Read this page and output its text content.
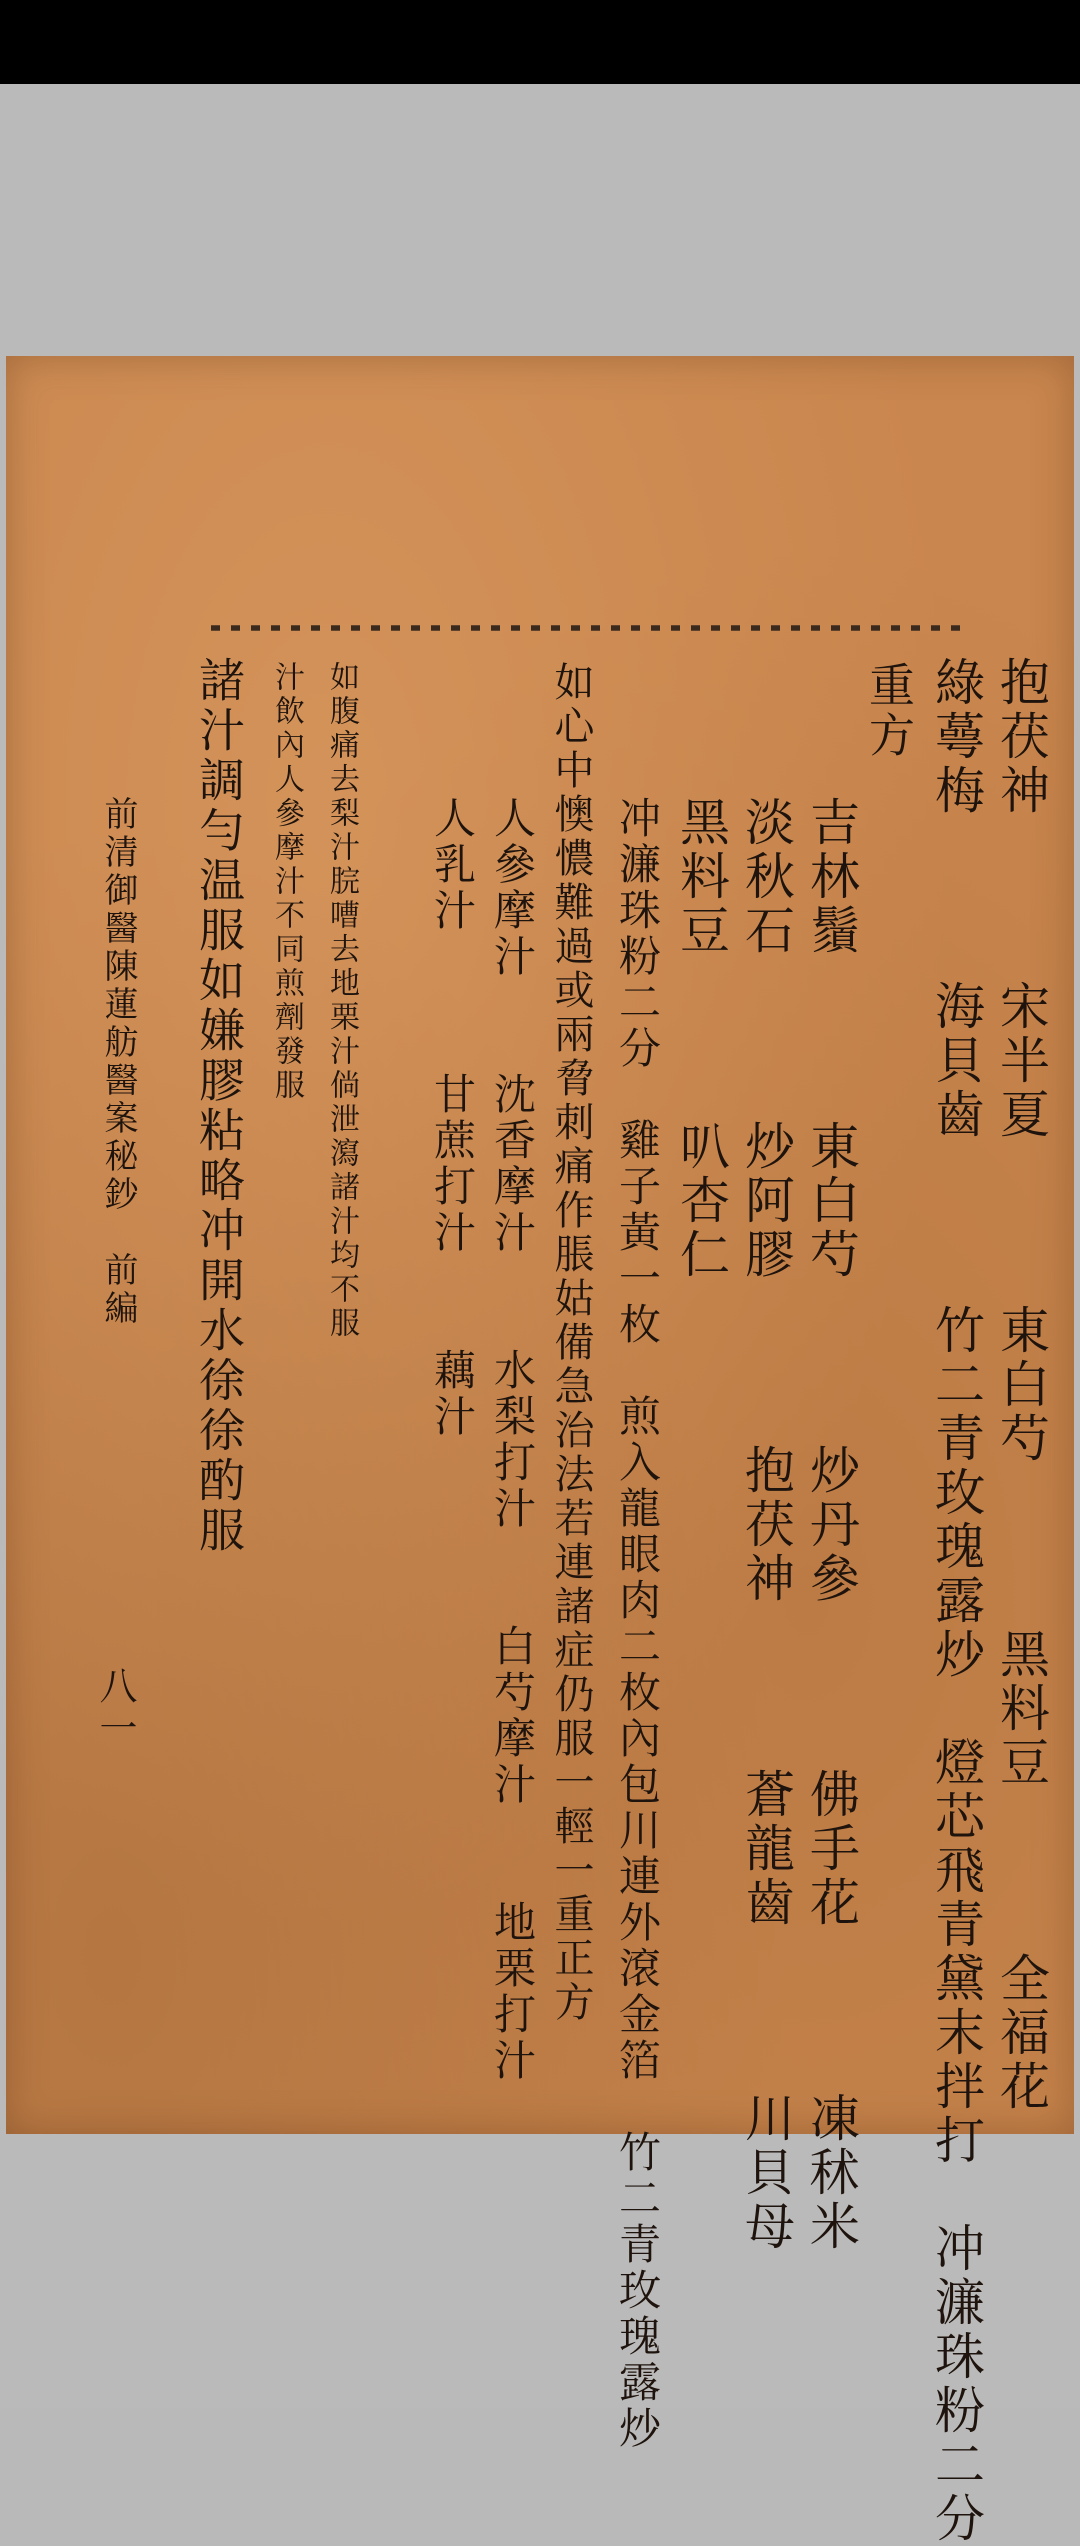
抱茯神　　　宋半夏　　　東白芍　　　黑料豆　　　全福花
綠蕚梅　　　海貝齒　　　竹二青玫瑰露炒　燈芯飛青黛末拌打　冲濂珠粉二分
重方
吉林鬚　　　東白芍　　　炒丹參　　　佛手花　　　凍秫米
淡秋石　　　炒阿膠　　　抱茯神　　　蒼龍齒　　　川貝母
黑料豆　　　叭杏仁
冲濂珠粉二分　雞子黃一枚　煎入龍眼肉二枚內包川連外滾金箔　竹二青玫瑰露炒
如心中懊憹難過或兩脅刺痛作脹姑備急治法若連諸症仍服一輕一重正方
人參摩汁　　沈香摩汁　　水梨打汁　　白芍摩汁　　地栗打汁
人乳汁　　　甘蔗打汁　　藕汁
如腹痛去梨汁脘嘈去地栗汁倘泄瀉諸汁均不服
汁飲內人參摩汁不同煎劑發服
諸汁調勻温服如嫌膠粘略冲開水徐徐酌服
前清御醫陳蓮舫醫案秘鈔　前編
八一
